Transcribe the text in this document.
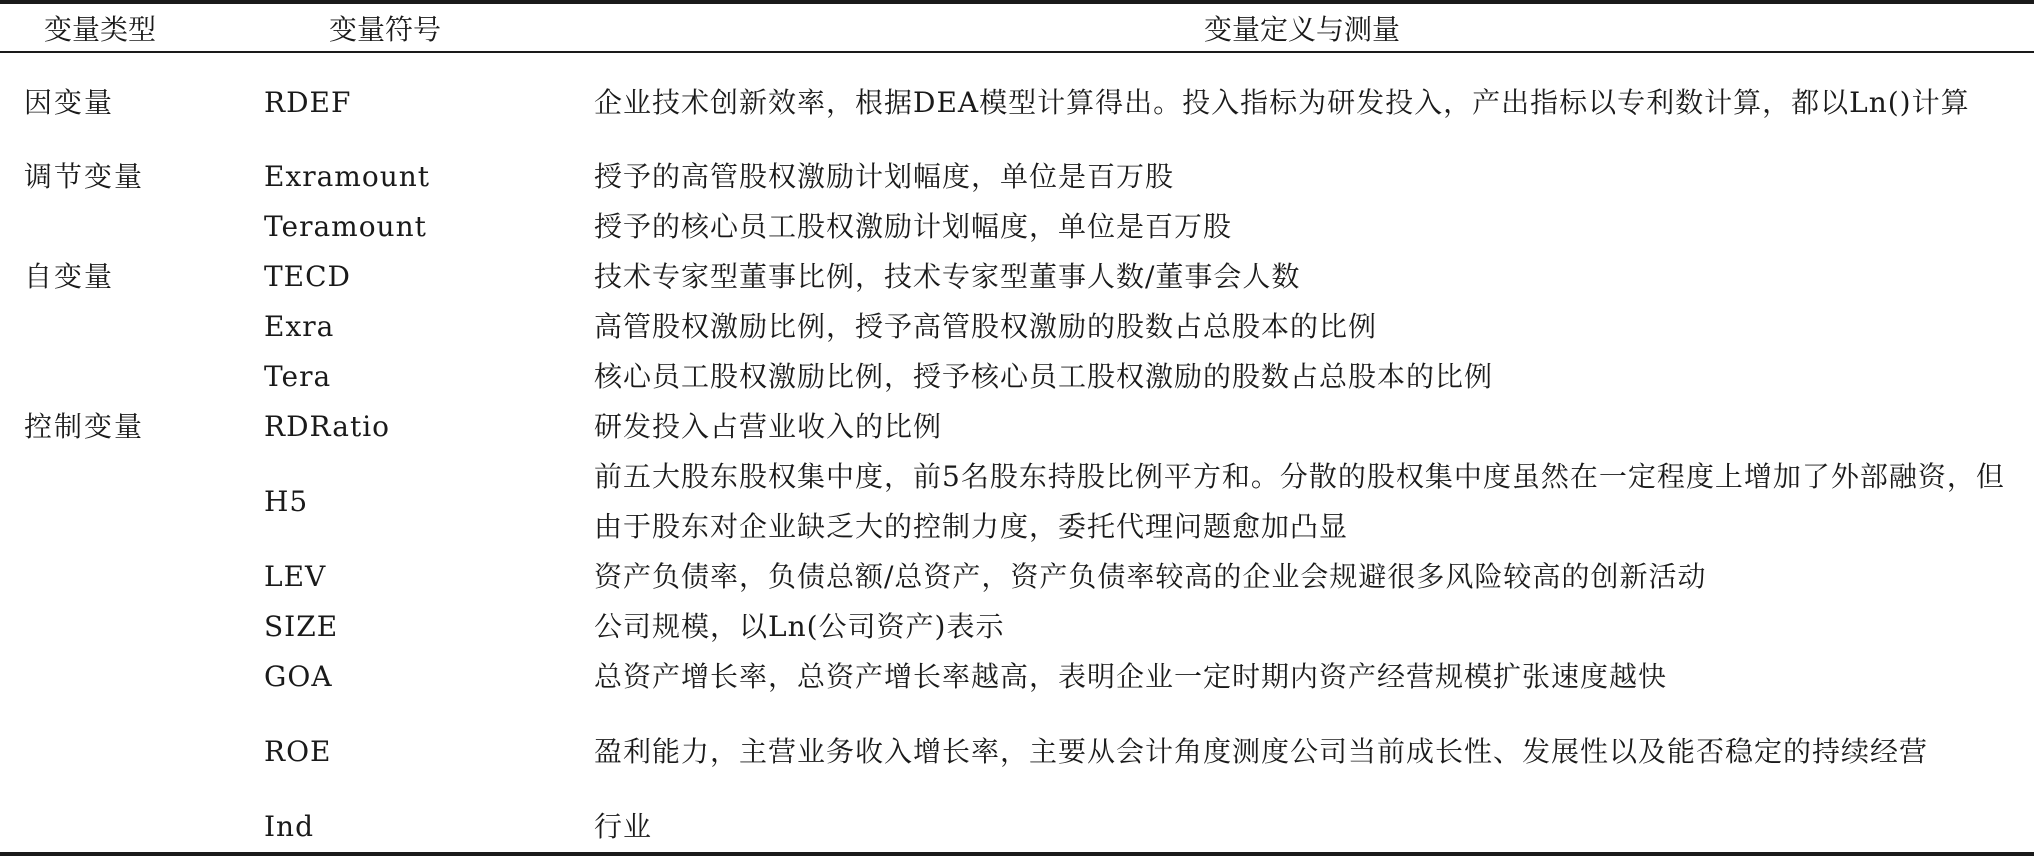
变量类型	变量符号	变量定义与测量
因变量	RDEF	企业技术创新效率，根据DEA模型计算得出。投入指标为研发投入，产出指标以专利数计算，都以Ln()计算
调节变量	Exramount	授予的高管股权激励计划幅度，单位是百万股
	Teramount	授予的核心员工股权激励计划幅度，单位是百万股
自变量	TECD	技术专家型董事比例，技术专家型董事人数/董事会人数
	Exra	高管股权激励比例，授予高管股权激励的股数占总股本的比例
	Tera	核心员工股权激励比例，授予核心员工股权激励的股数占总股本的比例
控制变量	RDRatio	研发投入占营业收入的比例
	H5	前五大股东股权集中度，前5名股东持股比例平方和。分散的股权集中度虽然在一定程度上增加了外部融资，但由于股东对企业缺乏大的控制力度，委托代理问题愈加凸显
	LEV	资产负债率，负债总额/总资产，资产负债率较高的企业会规避很多风险较高的创新活动
	SIZE	公司规模，以Ln(公司资产)表示
	GOA	总资产增长率，总资产增长率越高，表明企业一定时期内资产经营规模扩张速度越快
	ROE	盈利能力，主营业务收入增长率，主要从会计角度测度公司当前成长性、发展性以及能否稳定的持续经营
	Ind	行业
